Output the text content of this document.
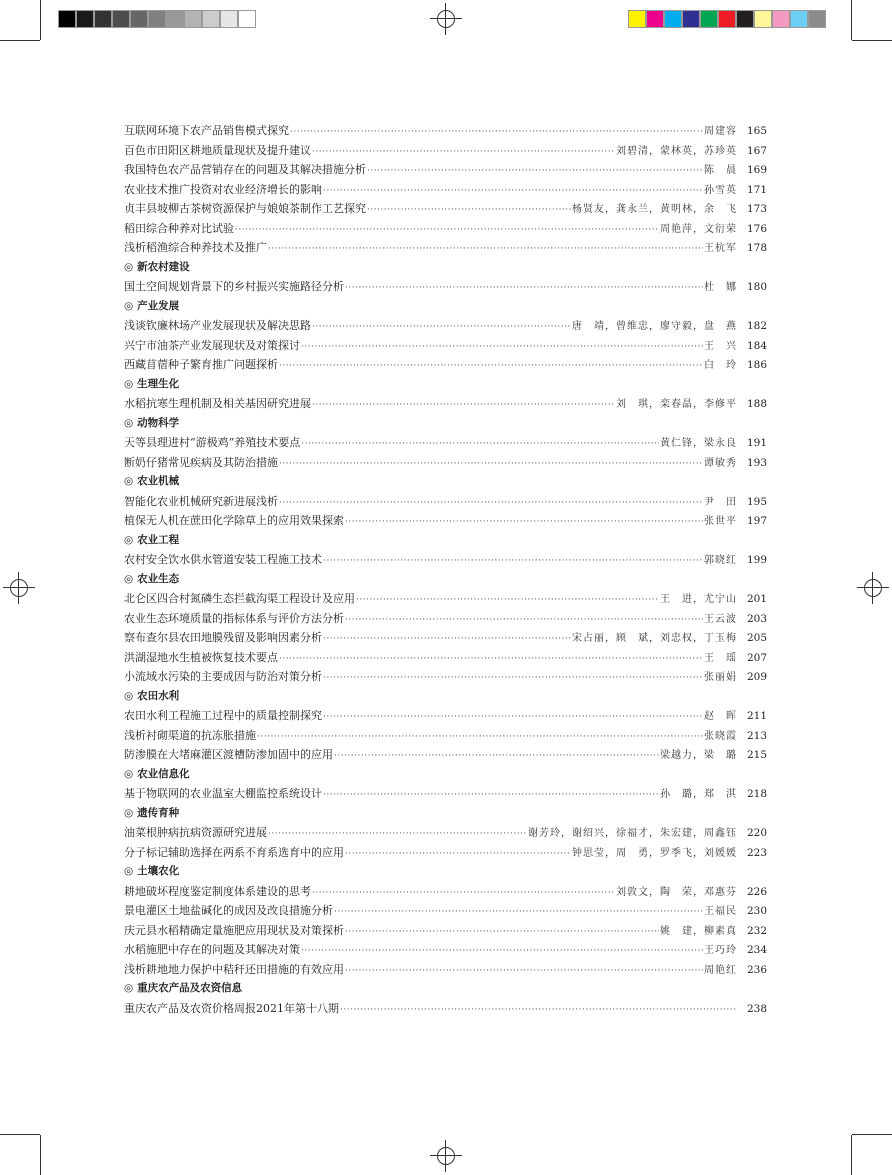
互联网环境下农产品销售模式探究 ·····	周建容 165
百色市田阳区耕地质量现状及提升建议 ·····	刘碧清，蒙林英，苏珍英 167
我国特色农产品营销存在的问题及其解决措施分析 ·····	陈　晨 169
农业技术推广投资对农业经济增长的影响 ·····	孙雪英 171
贞丰县坡柳古茶树资源保护与娘娘茶制作工艺探究 ·····	杨贤友，龚永兰，黄明林，余　飞 173
稻田综合种养对比试验 ·····	周艳萍，文衍荣 176
浅析稻渔综合种养技术及推广 ·····	王杭军 178
◎ 新农村建设
国土空间规划背景下的乡村振兴实施路径分析 ·····	杜　娜 180
◎ 产业发展
浅谈钦廉林场产业发展现状及解决思路 ·····	唐　靖，曾维忠，廖守毅，盘　燕 182
兴宁市油茶产业发展现状及对策探讨 ·····	王　兴 184
西藏苜蓿种子繁育推广问题探析 ·····	白　玲 186
◎ 生理生化
水稻抗寒生理机制及相关基因研究进展 ·····	刘　琪，栾春晶，李修平 188
◎ 动物科学
天等县理进村“游极鸡”养殖技术要点 ·····	黄仁锋，梁永良 191
断奶仔猪常见疾病及其防治措施 ·····	谭敏秀 193
◎ 农业机械
智能化农业机械研究新进展浅析 ·····	尹　田 195
植保无人机在蔗田化学除草上的应用效果探索 ·····	张世平 197
◎ 农业工程
农村安全饮水供水管道安装工程施工技术 ·····	郭晓红 199
◎ 农业生态
北仑区四合村氮磷生态拦截沟渠工程设计及应用 ·····	王　进，尤宁山 201
农业生态环境质量的指标体系与评价方法分析 ·····	王云波 203
察布查尔县农田地膜残留及影响因素分析 ·····	宋占丽，顾　斌，刘忠权，丁玉梅 205
洪湖湿地水生植被恢复技术要点 ·····	王　瑶 207
小流域水污染的主要成因与防治对策分析 ·····	张丽娟 209
◎ 农田水利
农田水利工程施工过程中的质量控制探究 ·····	赵　晖 211
浅析衬砌渠道的抗冻胀措施 ·····	张晓霞 213
防渗膜在大堵麻灌区渡槽防渗加固中的应用 ·····	梁越力，梁　璐 215
◎ 农业信息化
基于物联网的农业温室大棚监控系统设计 ·····	孙　璐，郑　淇 218
◎ 遗传育种
油菜根肿病抗病资源研究进展 ·····	谢芳玲，谢绍兴，徐福才，朱宏建，周鑫钰 220
分子标记辅助选择在两系不育系选育中的应用 ·····	钟思莹，周　勇，罗季飞，刘媛媛 223
◎ 土壤农化
耕地破坏程度鉴定制度体系建设的思考 ·····	刘敦文，陶　荣，邓惠芬 226
景电灌区土地盐碱化的成因及改良措施分析 ·····	王福民 230
庆元县水稻精确定量施肥应用现状及对策探析 ·····	姚　建，柳素真 232
水稻施肥中存在的问题及其解决对策 ·····	王巧玲 234
浅析耕地地力保护中秸秆还田措施的有效应用 ·····	周艳红 236
◎ 重庆农产品及农资信息
重庆农产品及农资价格周报2021年第十八期 ·····	238
